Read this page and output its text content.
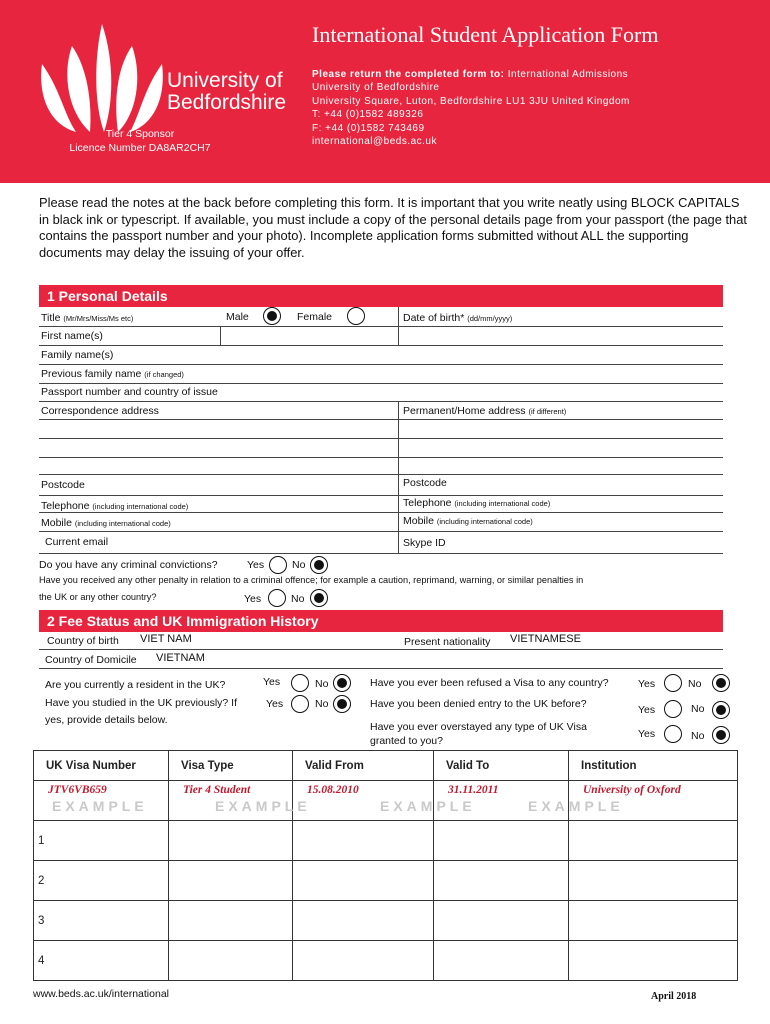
University of
Bedfordshire
Tier 4 Sponsor
Licence Number DA8AR2CH7
International Student Application Form
Please return the completed form to: International Admissions
University of Bedfordshire
University Square, Luton, Bedfordshire LU1 3JU United Kingdom
T: +44 (0)1582 489326
F: +44 (0)1582 743469
international@beds.ac.uk
Please read the notes at the back before completing this form. It is important that you write neatly using BLOCK CAPITALS in black ink or typescript. If available, you must include a copy of the personal details page from your passport (the page that contains the passport number and your photo). Incomplete application forms submitted without ALL the supporting documents may delay the issuing of your offer.
1 Personal Details
Title (Mr/Mrs/Miss/Ms etc)	Male	Female	Date of birth* (dd/mm/yyyy)
First name(s)
Family name(s)
Previous family name (if changed)
Passport number and country of issue
Correspondence address	Permanent/Home address (if different)
Postcode	Postcode
Telephone (including international code)	Telephone (including international code)
Mobile (including international code)	Mobile (including international code)
Current email	Skype ID
Do you have any criminal convictions?	Yes	No
Have you received any other penalty in relation to a criminal offence; for example a caution, reprimand, warning, or similar penalties in
the UK or any other country?	Yes	No
2 Fee Status and UK Immigration History
Country of birth VIET NAM	Present nationality VIETNAMESE
Country of Domicile VIETNAM
Are you currently a resident in the UK?	Yes	No
Have you studied in the UK previously? If
yes, provide details below.
Yes	No
Have you ever been refused a Visa to any country?	Yes	No
Have you been denied entry to the UK before?	Yes	No
Have you ever overstayed any type of UK Visa
granted to you?
Yes	No
UK Visa Number	Visa Type	Valid From	Valid To	Institution
JTV6VB659	Tier 4 Student	15.08.2010	31.11.2011	University of Oxford
1				
2				
3				
4				
EXAMPLE	EXAMPLE	EXAMPLE	EXAMPLE
www.beds.ac.uk/international	April 2018
